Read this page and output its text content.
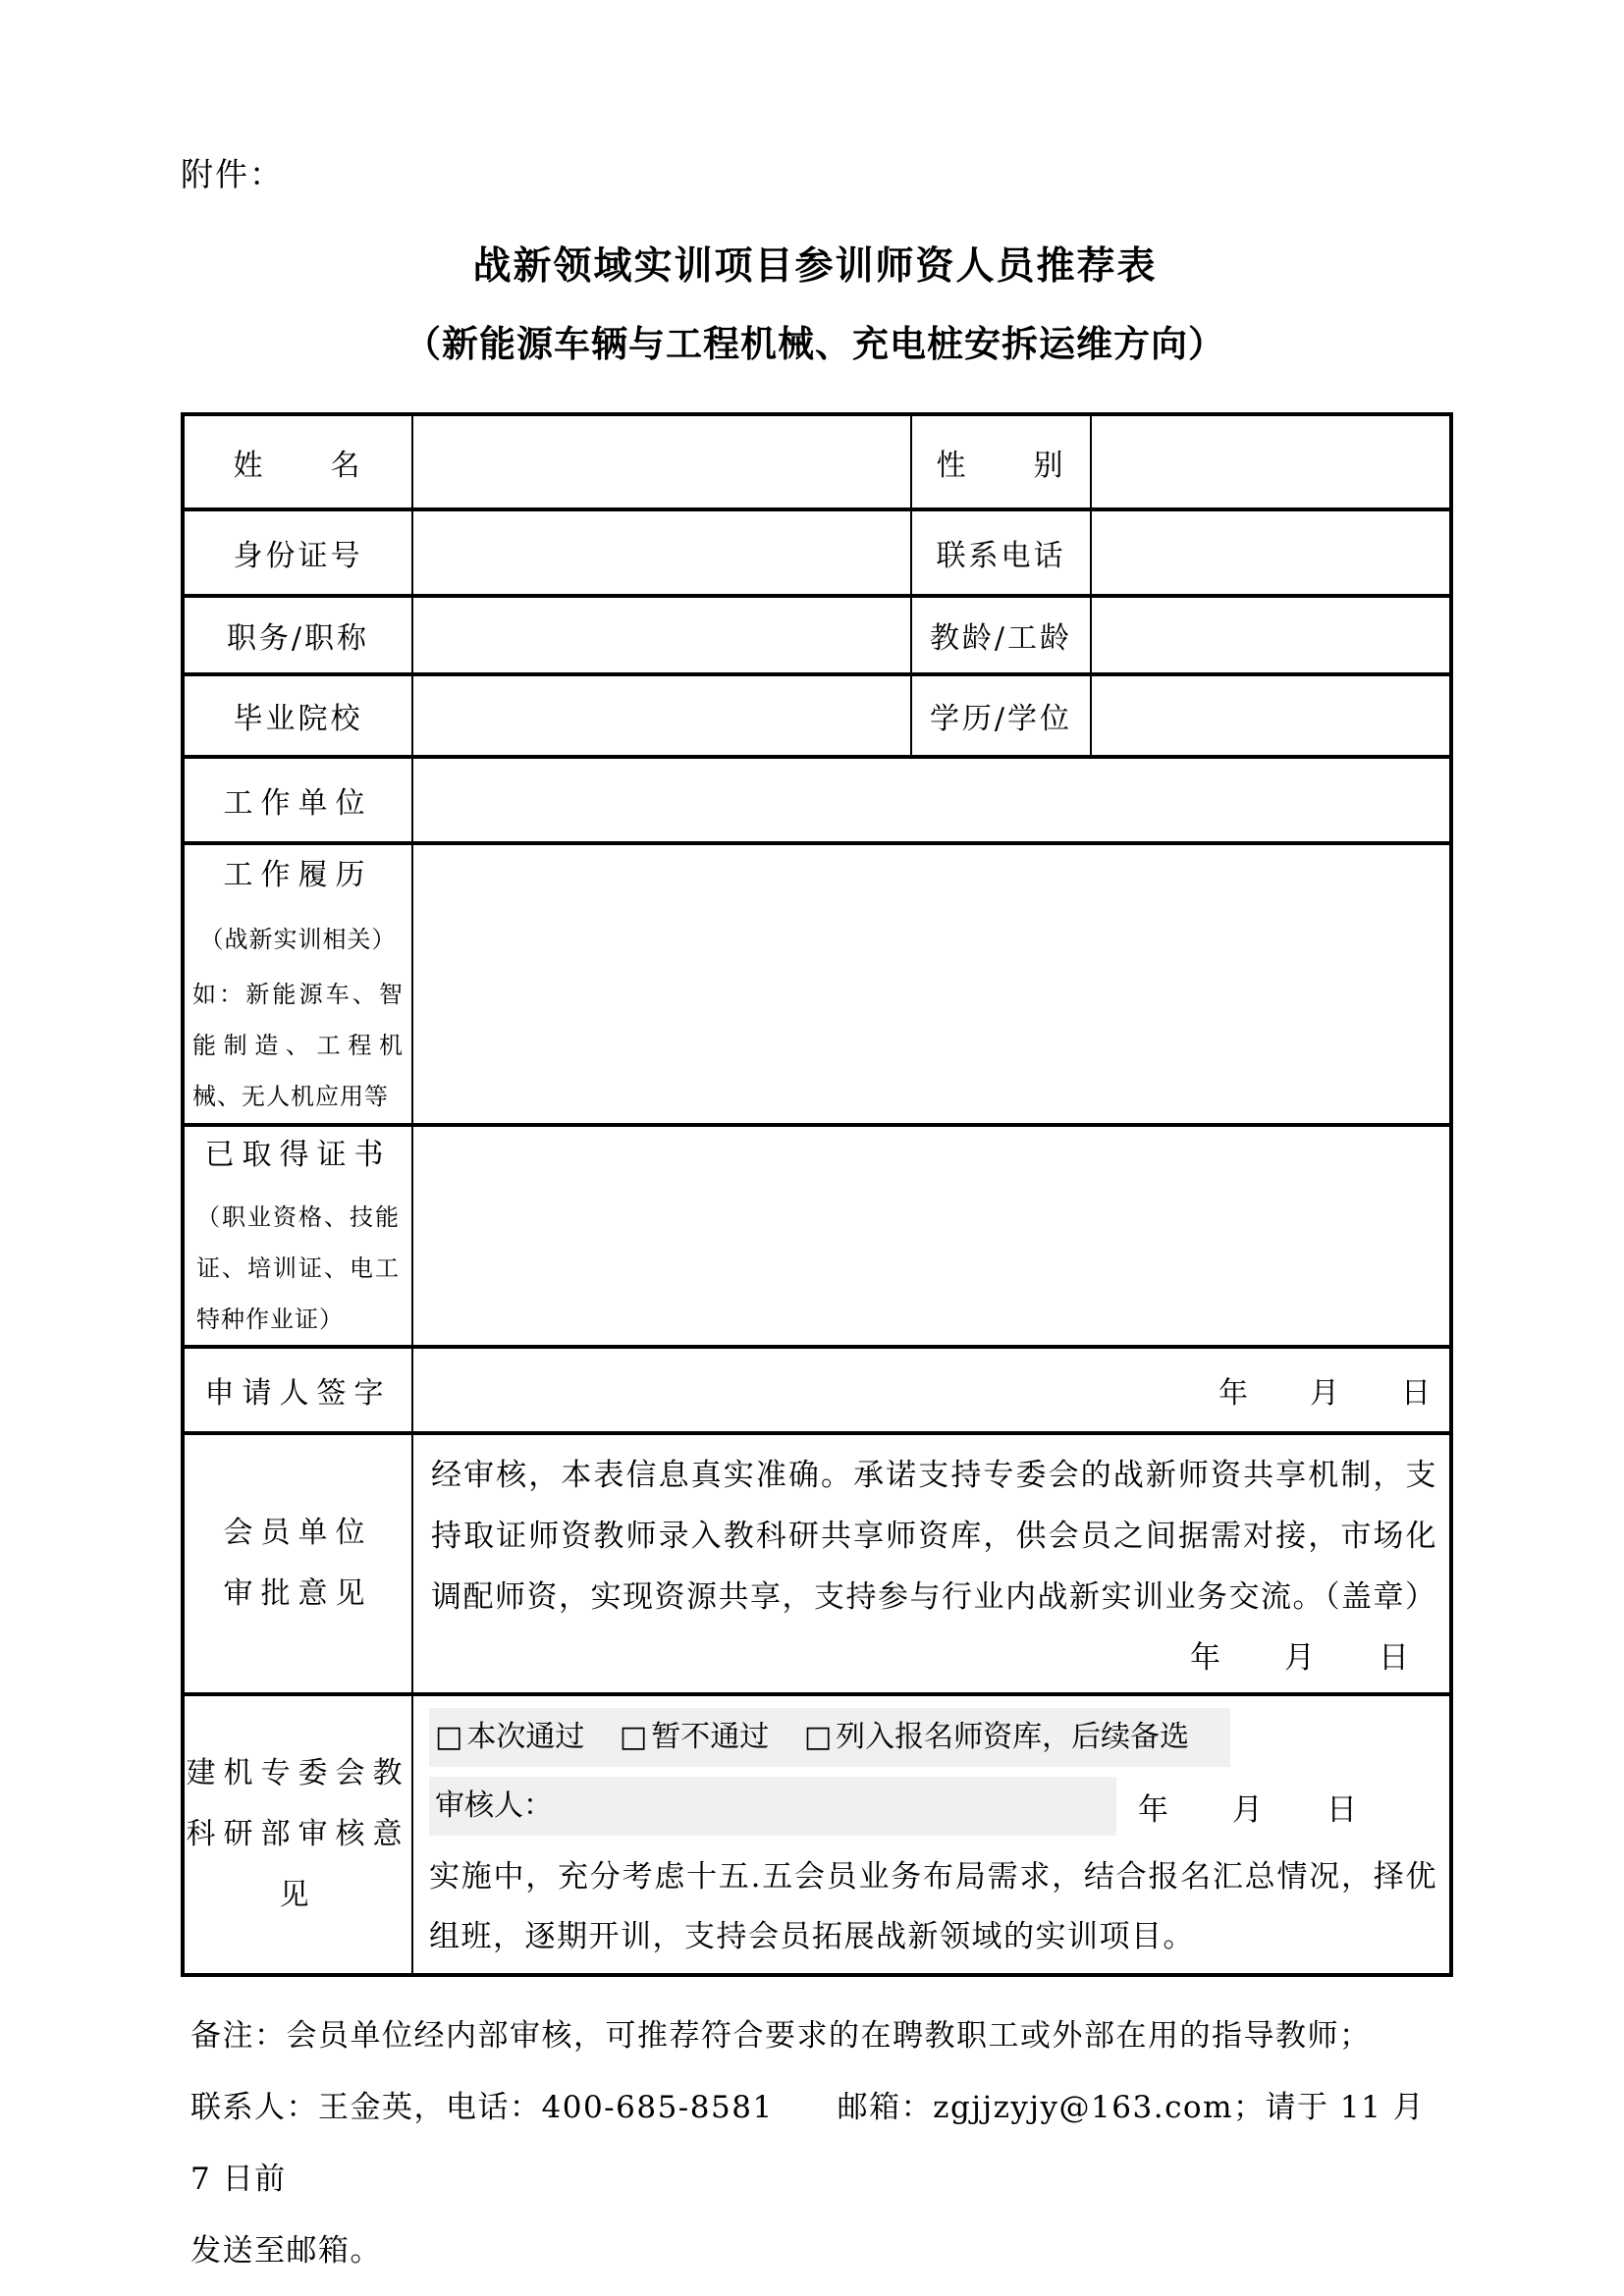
附件：
战新领域实训项目参训师资人员推荐表
（新能源车辆与工程机械、充电桩安拆运维方向）
姓　　名		性　　别	
身份证号		联系电话	
职务/职称		教龄/工龄	
毕业院校		学历/学位	
工作单位			

工作履历
（战新实训相关）
如：新能源车、智能制造、工程机械、无人机应用等			

已取得证书
（职业资格、技能证、培训证、电工特种作业证）			

申请人签字	年　　月　　日		

会员单位
审批意见

经审核，本表信息真实准确。承诺支持专委会的战新师资共享机制，支持取证师资教师录入教科研共享师资库，供会员之间据需对接，市场化调配师资，实现资源共享，支持参与行业内战新实训业务交流。（盖章）
年　　月　　日

建机专委会教
科研部审核意
见
	□ 本次通过 □ 暂不通过 □ 列入报名师资库，后续备选
审核人：	年　　月　　日
实施中，充分考虑十五.五会员业务布局需求，结合报名汇总情况，择优组班，逐期开训，支持会员拓展战新领域的实训项目。
备注：会员单位经内部审核，可推荐符合要求的在聘教职工或外部在用的指导教师；
联系人：王金英，电话：400-685-8581　　邮箱：zgjjzyjy@163.com；请于 11 月 7 日前
发送至邮箱。
